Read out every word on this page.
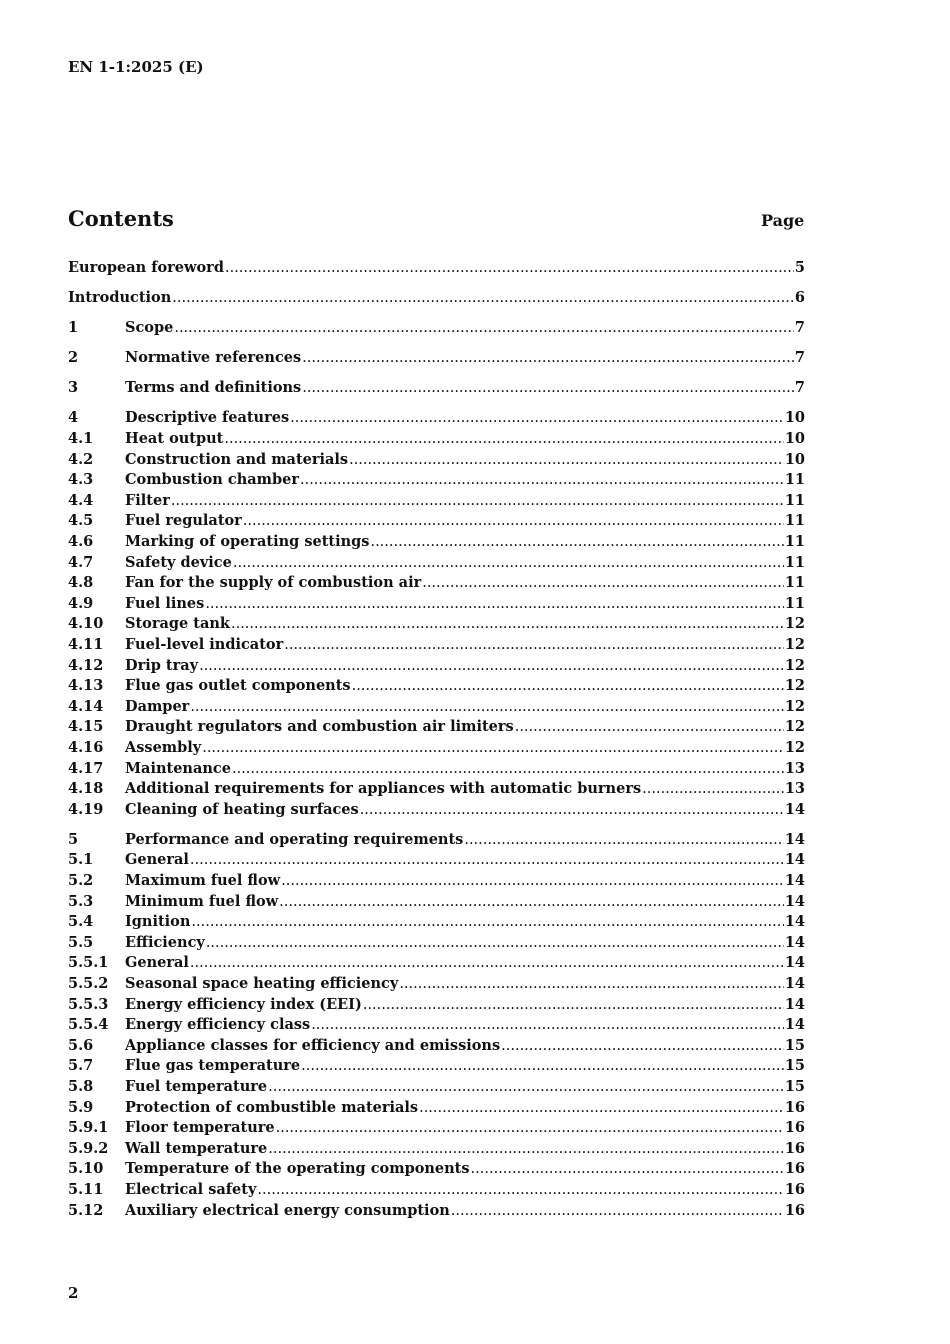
EN 1-1:2025 (E)
Contents	Page
European foreword .....	5
Introduction .....	6
1	Scope .....	7
2	Normative references .....	7
3	Terms and definitions .....	7
4	Descriptive features .....	10
4.1	Heat output .....	10
4.2	Construction and materials .....	10
4.3	Combustion chamber .....	11
4.4	Filter .....	11
4.5	Fuel regulator .....	11
4.6	Marking of operating settings .....	11
4.7	Safety device .....	11
4.8	Fan for the supply of combustion air .....	11
4.9	Fuel lines .....	11
4.10	Storage tank .....	12
4.11	Fuel-level indicator .....	12
4.12	Drip tray .....	12
4.13	Flue gas outlet components .....	12
4.14	Damper .....	12
4.15	Draught regulators and combustion air limiters .....	12
4.16	Assembly .....	12
4.17	Maintenance .....	13
4.18	Additional requirements for appliances with automatic burners .....	13
4.19	Cleaning of heating surfaces .....	14
5	Performance and operating requirements .....	14
5.1	General .....	14
5.2	Maximum fuel flow .....	14
5.3	Minimum fuel flow .....	14
5.4	Ignition .....	14
5.5	Efficiency .....	14
5.5.1	General .....	14
5.5.2	Seasonal space heating efficiency .....	14
5.5.3	Energy efficiency index (EEI) .....	14
5.5.4	Energy efficiency class .....	14
5.6	Appliance classes for efficiency and emissions .....	15
5.7	Flue gas temperature .....	15
5.8	Fuel temperature .....	15
5.9	Protection of combustible materials .....	16
5.9.1	Floor temperature .....	16
5.9.2	Wall temperature .....	16
5.10	Temperature of the operating components .....	16
5.11	Electrical safety .....	16
5.12	Auxiliary electrical energy consumption .....	16
2
